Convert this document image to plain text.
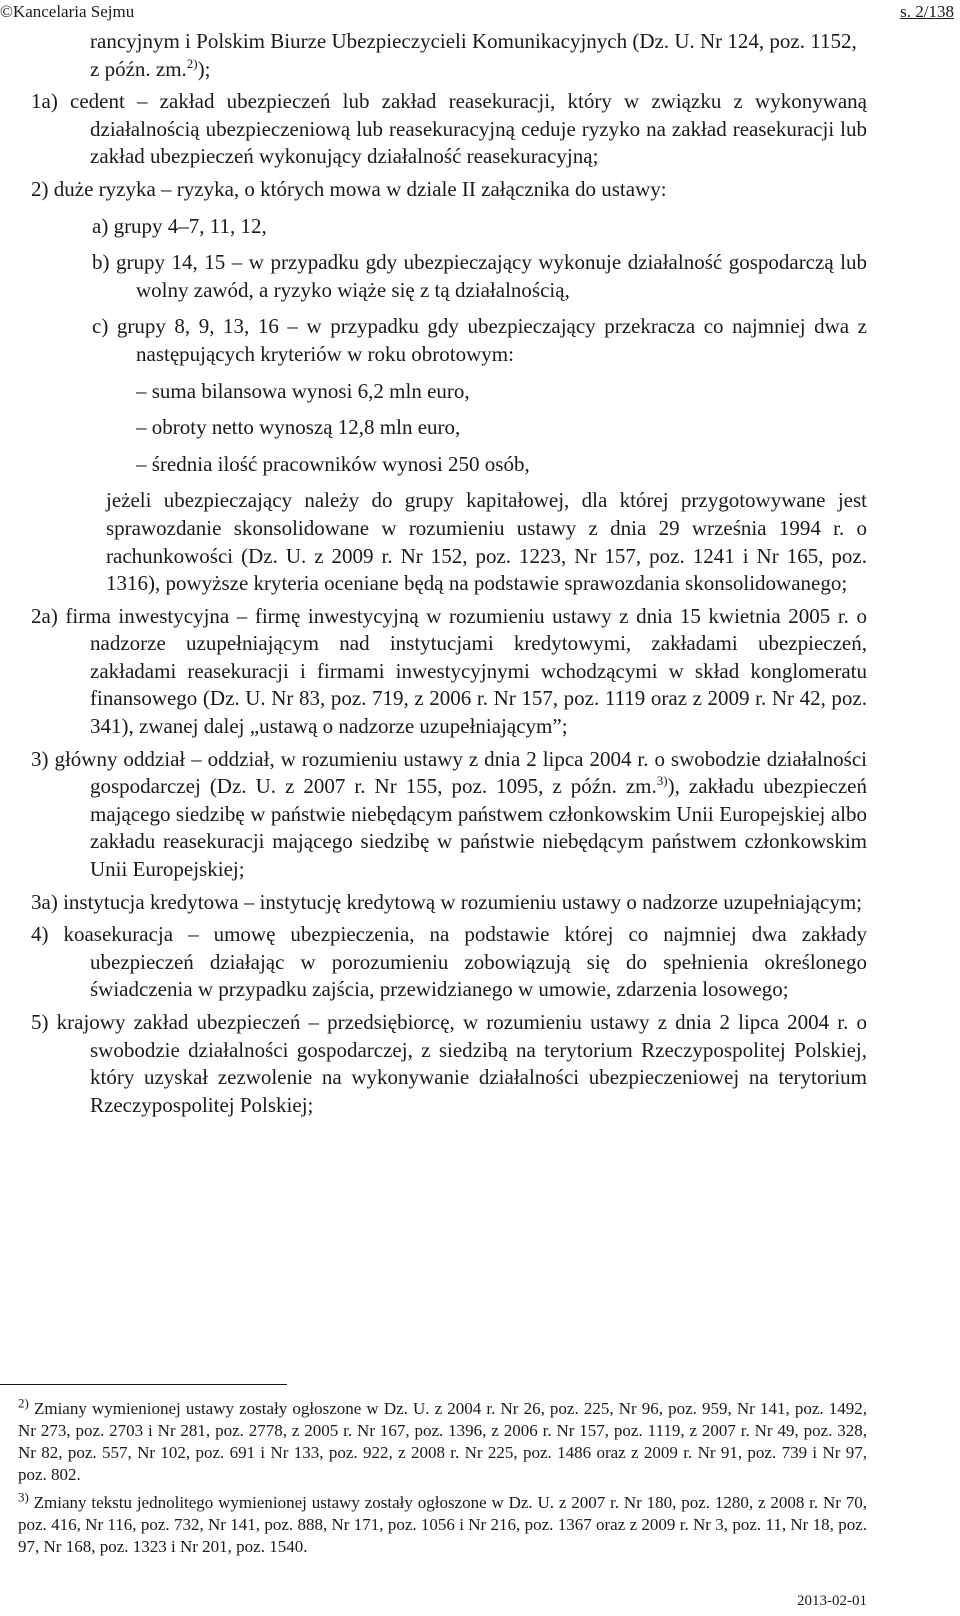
©Kancelaria Sejmu	s. 2/138

rancyjnym i Polskim Biurze Ubezpieczycieli Komunikacyjnych (Dz. U. Nr 124, poz. 1152, z późn. zm.$^{2)}$);

1a) cedent – zakład ubezpieczeń lub zakład reasekuracji, który w związku z wykonywaną działalnością ubezpieczeniową lub reasekuracyjną ceduje ryzyko na zakład reasekuracji lub zakład ubezpieczeń wykonujący działalność reasekuracyjną;

2) duże ryzyka – ryzyka, o których mowa w dziale II załącznika do ustawy:

a) grupy 4–7, 11, 12,

b) grupy 14, 15 – w przypadku gdy ubezpieczający wykonuje działalność gospodarczą lub wolny zawód, a ryzyko wiąże się z tą działalnością,

c) grupy 8, 9, 13, 16 – w przypadku gdy ubezpieczający przekracza co najmniej dwa z następujących kryteriów w roku obrotowym:

– suma bilansowa wynosi 6,2 mln euro,

– obroty netto wynoszą 12,8 mln euro,

– średnia ilość pracowników wynosi 250 osób,

jeżeli ubezpieczający należy do grupy kapitałowej, dla której przygotowywane jest sprawozdanie skonsolidowane w rozumieniu ustawy z dnia 29 września 1994 r. o rachunkowości (Dz. U. z 2009 r. Nr 152, poz. 1223, Nr 157, poz. 1241 i Nr 165, poz. 1316), powyższe kryteria oceniane będą na podstawie sprawozdania skonsolidowanego;

2a) firma inwestycyjna – firmę inwestycyjną w rozumieniu ustawy z dnia 15 kwietnia 2005 r. o nadzorze uzupełniającym nad instytucjami kredytowymi, zakładami ubezpieczeń, zakładami reasekuracji i firmami inwestycyjnymi wchodzącymi w skład konglomeratu finansowego (Dz. U. Nr 83, poz. 719, z 2006 r. Nr 157, poz. 1119 oraz z 2009 r. Nr 42, poz. 341), zwanej dalej „ustawą o nadzorze uzupełniającym”;

3) główny oddział – oddział, w rozumieniu ustawy z dnia 2 lipca 2004 r. o swobodzie działalności gospodarczej (Dz. U. z 2007 r. Nr 155, poz. 1095, z późn. zm.$^{3)}$), zakładu ubezpieczeń mającego siedzibę w państwie niebędącym państwem członkowskim Unii Europejskiej albo zakładu reasekuracji mającego siedzibę w państwie niebędącym państwem członkowskim Unii Europejskiej;

3a) instytucja kredytowa – instytucję kredytową w rozumieniu ustawy o nadzorze uzupełniającym;

4) koasekuracja – umowę ubezpieczenia, na podstawie której co najmniej dwa zakłady ubezpieczeń działając w porozumieniu zobowiązują się do spełnienia określonego świadczenia w przypadku zajścia, przewidzianego w umowie, zdarzenia losowego;

5) krajowy zakład ubezpieczeń – przedsiębiorcę, w rozumieniu ustawy z dnia 2 lipca 2004 r. o swobodzie działalności gospodarczej, z siedzibą na terytorium Rzeczypospolitej Polskiej, który uzyskał zezwolenie na wykonywanie działalności ubezpieczeniowej na terytorium Rzeczypospolitej Polskiej;

$^{2)}$ Zmiany wymienionej ustawy zostały ogłoszone w Dz. U. z 2004 r. Nr 26, poz. 225, Nr 96, poz. 959, Nr 141, poz. 1492, Nr 273, poz. 2703 i Nr 281, poz. 2778, z 2005 r. Nr 167, poz. 1396, z 2006 r. Nr 157, poz. 1119, z 2007 r. Nr 49, poz. 328, Nr 82, poz. 557, Nr 102, poz. 691 i Nr 133, poz. 922, z 2008 r. Nr 225, poz. 1486 oraz z 2009 r. Nr 91, poz. 739 i Nr 97, poz. 802.

$^{3)}$ Zmiany tekstu jednolitego wymienionej ustawy zostały ogłoszone w Dz. U. z 2007 r. Nr 180, poz. 1280, z 2008 r. Nr 70, poz. 416, Nr 116, poz. 732, Nr 141, poz. 888, Nr 171, poz. 1056 i Nr 216, poz. 1367 oraz z 2009 r. Nr 3, poz. 11, Nr 18, poz. 97, Nr 168, poz. 1323 i Nr 201, poz. 1540.

2013-02-01
